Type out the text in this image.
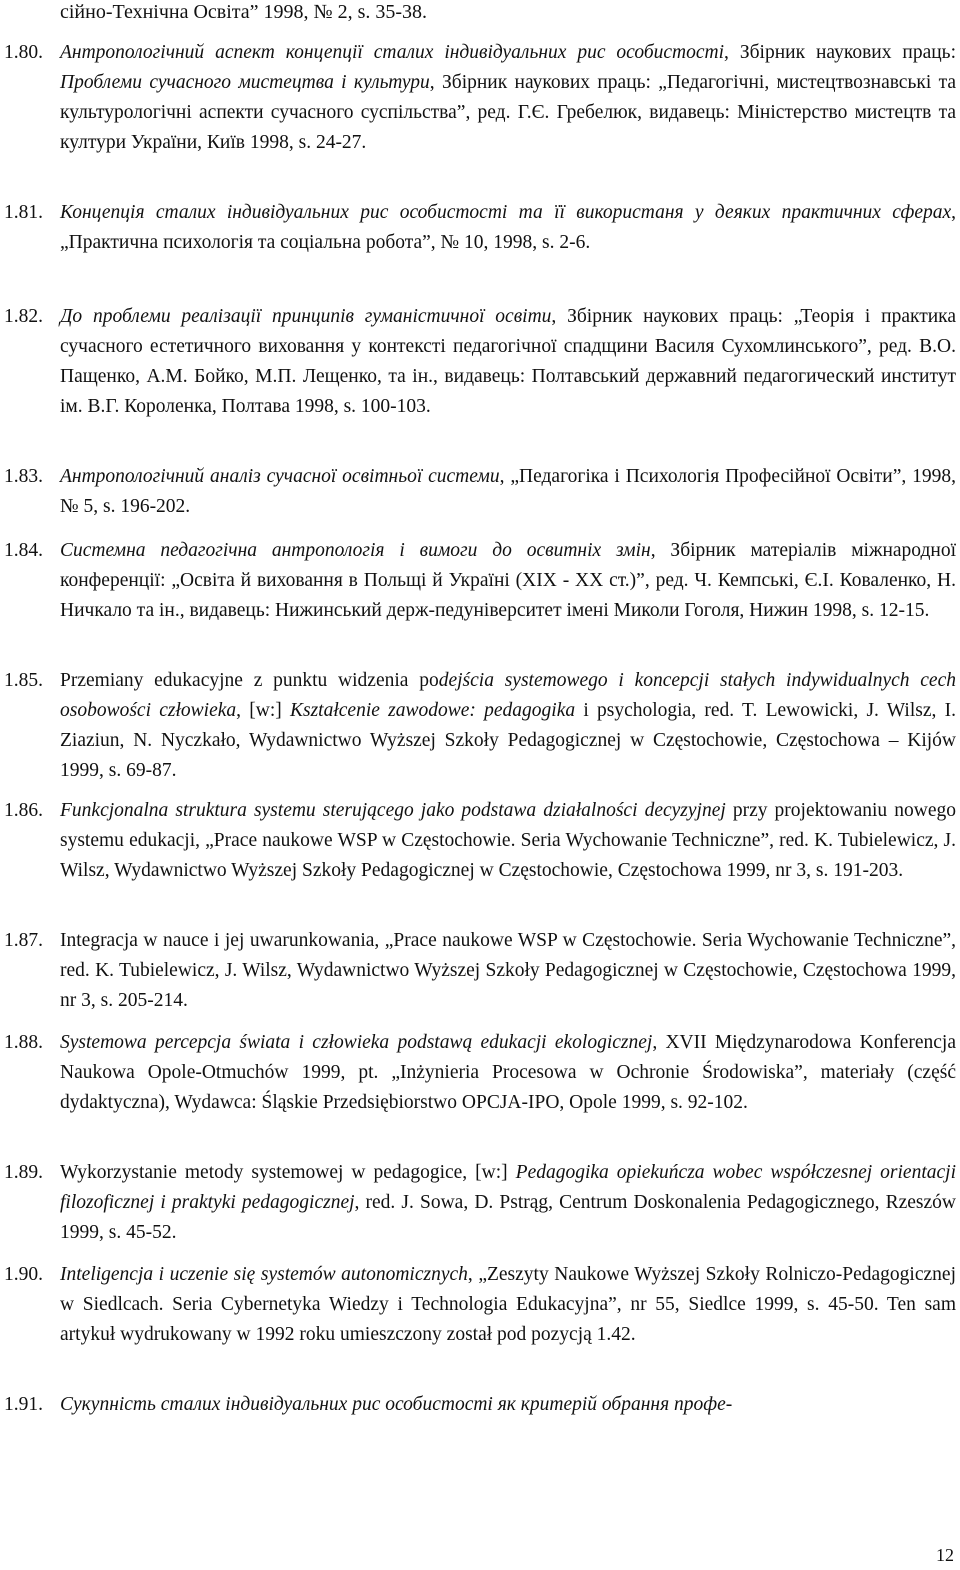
сійно-Технічна Освіта” 1998, № 2, s. 35-38.
1.80. Антропологічний аспект концепції сталих індивідуальних рис особистості, Збірник наукових праць: Проблеми сучасного мистецтва і культури, Збірник наукових праць: „Педагогічні, мистецтвознавські та культурологічні аспекти сучасного суспільства”, ред. Г.Є. Гребелюк, видавець: Міністерство мистецтв та култури України, Київ 1998, s. 24-27.
1.81. Концепція сталих індивідуальних рис особистості та її використаня у деяких практичних сферах, „Практична психологія та соціальна робота”, № 10, 1998, s. 2-6.
1.82. До проблеми реалізації принципів гуманістичної освіти, Збірник наукових праць: „Теорія і практика сучасного естетичного виховання у контексті педагогічної спадщини Василя Сухомлинського”, ред. В.О. Пащенко, А.М. Бойко, М.П. Лещенко, та ін., видавець: Полтавський державний педагогический институт ім. В.Г. Короленка, Полтава 1998, s. 100-103.
1.83. Антропологічний аналіз сучасної освітньої системи, „Педагогіка і Психологія Професійної Освіти”, 1998, № 5, s. 196-202.
1.84. Системна педагогічна антропологія і вимоги до освитніх змін, Збірник матеріалів міжнародної конференції: „Освіта й виховання в Польщі й Україні (XIX - XX ст.)”, ред. Ч. Кемпські, Є.І. Коваленко, Н. Ничкало та ін., видавець: Нижинський держ-педуніверситет імені Миколи Гоголя, Нижин 1998, s. 12-15.
1.85. Przemiany edukacyjne z punktu widzenia podejścia systemowego i koncepcji stałych indywidualnych cech osobowości człowieka, [w:] Kształcenie zawodowe: pedagogika i psychologia, red. T. Lewowicki, J. Wilsz, I. Ziaziun, N. Nyczkało, Wydawnictwo Wyższej Szkoły Pedagogicznej w Częstochowie, Częstochowa – Kijów 1999, s. 69-87.
1.86. Funkcjonalna struktura systemu sterującego jako podstawa działalności decyzyjnej przy projektowaniu nowego systemu edukacji, „Prace naukowe WSP w Częstochowie. Seria Wychowanie Techniczne”, red. K. Tubielewicz, J. Wilsz, Wydawnictwo Wyższej Szkoły Pedagogicznej w Częstochowie, Częstochowa 1999, nr 3, s. 191-203.
1.87. Integracja w nauce i jej uwarunkowania, „Prace naukowe WSP w Częstochowie. Seria Wychowanie Techniczne”, red. K. Tubielewicz, J. Wilsz, Wydawnictwo Wyższej Szkoły Pedagogicznej w Częstochowie, Częstochowa 1999, nr 3, s. 205-214.
1.88. Systemowa percepcja świata i człowieka podstawą edukacji ekologicznej, XVII Międzynarodowa Konferencja Naukowa Opole-Otmuchów 1999, pt. „Inżynieria Procesowa w Ochronie Środowiska”, materiały (część dydaktyczna), Wydawca: Śląskie Przedsiębiorstwo OPCJA-IPO, Opole 1999, s. 92-102.
1.89. Wykorzystanie metody systemowej w pedagogice, [w:] Pedagogika opiekuńcza wobec współczesnej orientacji filozoficznej i praktyki pedagogicznej, red. J. Sowa, D. Pstrąg, Centrum Doskonalenia Pedagogicznego, Rzeszów 1999, s. 45-52.
1.90. Inteligencja i uczenie się systemów autonomicznych, „Zeszyty Naukowe Wyższej Szkoły Rolniczo-Pedagogicznej w Siedlcach. Seria Cybernetyka Wiedzy i Technologia Edukacyjna”, nr 55, Siedlce 1999, s. 45-50. Ten sam artykuł wydrukowany w 1992 roku umieszczony został pod pozycją 1.42.
1.91. Сукупність сталих індивідуальних рис особистості як критерій обрання профе-
12
